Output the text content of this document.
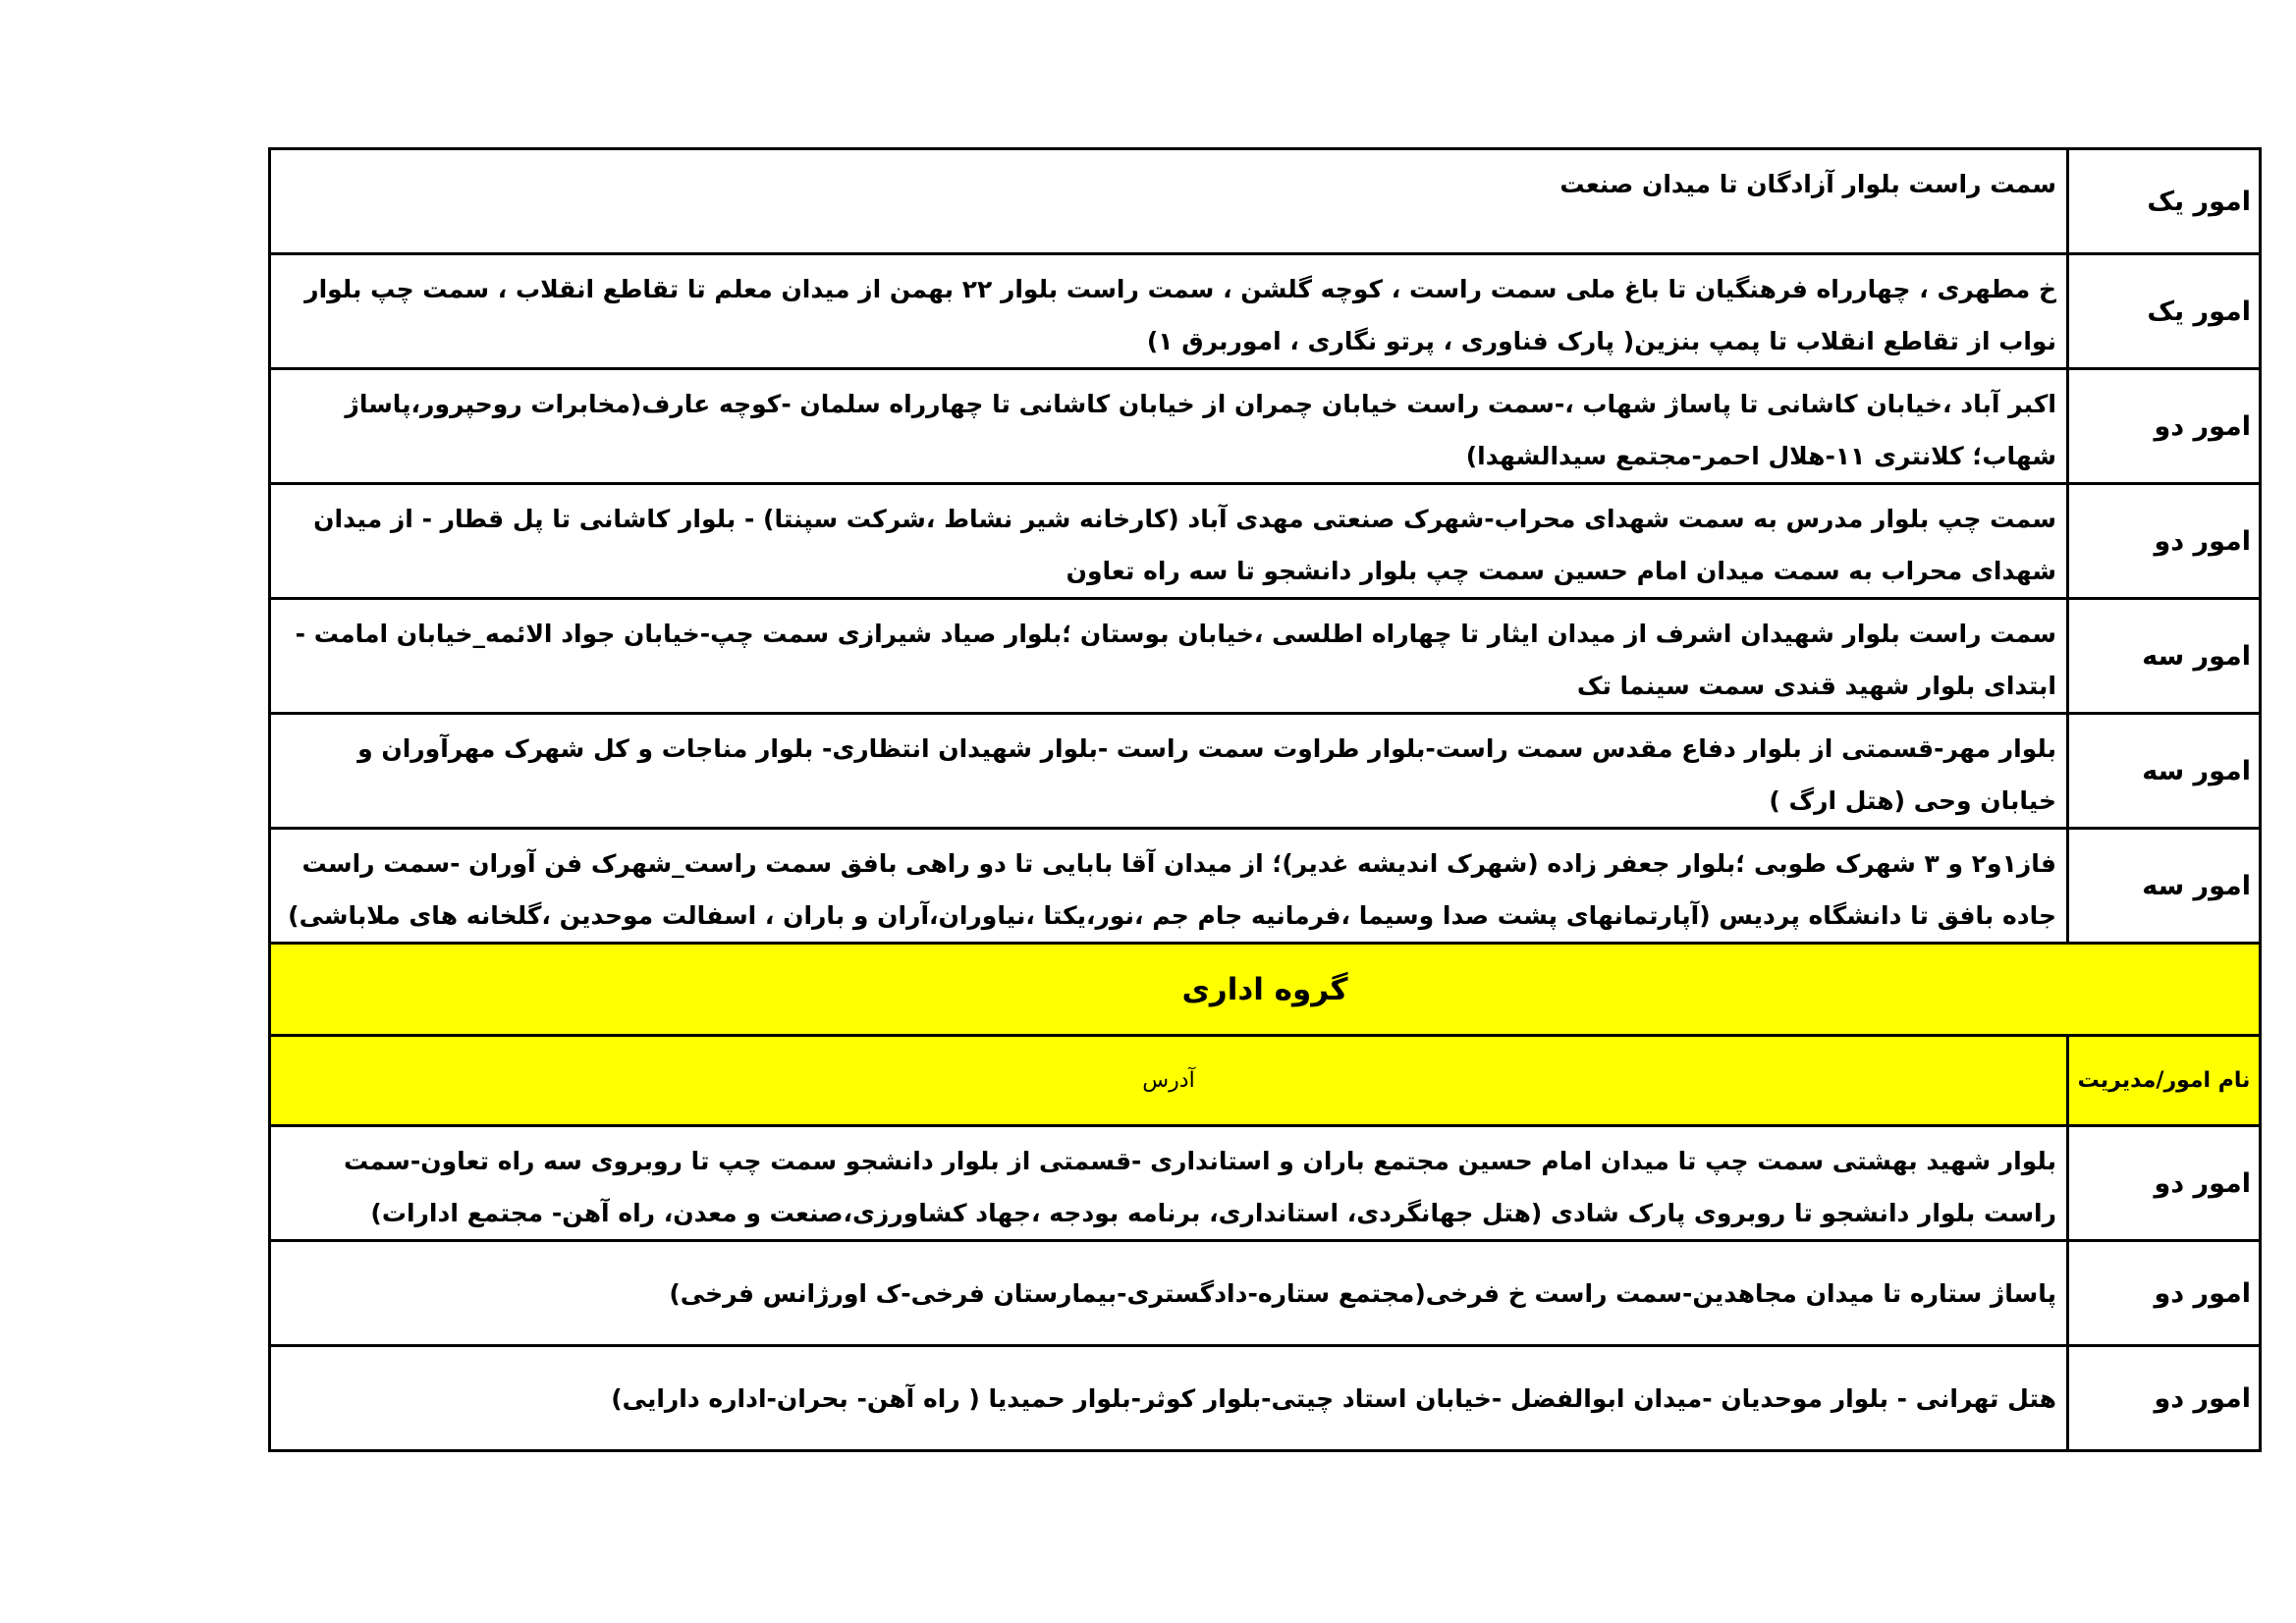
امور یک	سمت راست بلوار آزادگان تا میدان صنعت
امور یک	خ مطهری ، چهارراه فرهنگیان تا باغ ملی سمت راست ، کوچه گلشن ، سمت راست بلوار ۲۲ بهمن از میدان معلم تا تقاطع انقلاب ، سمت چپ بلوار نواب از تقاطع انقلاب تا پمپ بنزین( پارک فناوری ، پرتو نگاری ، اموربرق ۱)
امور دو	اکبر آباد ،خیابان کاشانی تا پاساژ شهاب ،-سمت راست خیابان چمران از خیابان کاشانی تا چهارراه سلمان -کوچه عارف(مخابرات روحپرور،پاساژ شهاب؛ کلانتری ۱۱-هلال احمر-مجتمع سیدالشهدا)
امور دو	سمت چپ بلوار مدرس به سمت شهدای محراب-شهرک صنعتی مهدی آباد (کارخانه شیر نشاط ،شرکت سپنتا) - بلوار کاشانی تا پل قطار - از میدان شهدای محراب به سمت میدان امام حسین سمت چپ بلوار دانشجو تا سه راه تعاون
امور سه	سمت راست بلوار شهیدان اشرف از میدان ایثار تا چهاراه اطلسی ،خیابان بوستان ؛بلوار صیاد شیرازی سمت چپ-خیابان جواد الائمه_خیابان امامت - ابتدای بلوار شهید قندی سمت سینما تک
امور سه	بلوار مهر-قسمتی از بلوار دفاع مقدس سمت راست-بلوار طراوت سمت راست -بلوار شهیدان انتظاری- بلوار مناجات و کل شهرک مهرآوران و خیابان وحی (هتل ارگ )
امور سه	فاز۱و۲ و ۳ شهرک طوبی ؛بلوار جعفر زاده (شهرک اندیشه غدیر)؛ از میدان آقا بابایی تا دو راهی بافق سمت راست_شهرک فن آوران -سمت راست جاده بافق تا دانشگاه پردیس (آپارتمانهای پشت صدا وسیما ،فرمانیه جام جم ،نور،یکتا ،نیاوران،آران و باران ، اسفالت موحدین ،گلخانه های ملاباشی)
گروه اداری	
نام امور/مدیریت	آدرس
امور دو	بلوار شهید بهشتی سمت چپ تا میدان امام حسین مجتمع باران و استانداری -قسمتی از بلوار دانشجو سمت چپ تا روبروی سه راه تعاون-سمت راست بلوار دانشجو تا روبروی پارک شادی (هتل جهانگردی، استانداری، برنامه بودجه ،جهاد کشاورزی،صنعت و معدن، راه آهن- مجتمع ادارات)
امور دو	پاساژ ستاره تا میدان مجاهدین-سمت راست خ فرخی(مجتمع ستاره-دادگستری-بیمارستان فرخی-ک اورژانس فرخی)
امور دو	هتل تهرانی - بلوار موحدیان -میدان ابوالفضل -خیابان استاد چیتی-بلوار کوثر-بلوار حمیدیا ( راه آهن- بحران-اداره دارایی)
